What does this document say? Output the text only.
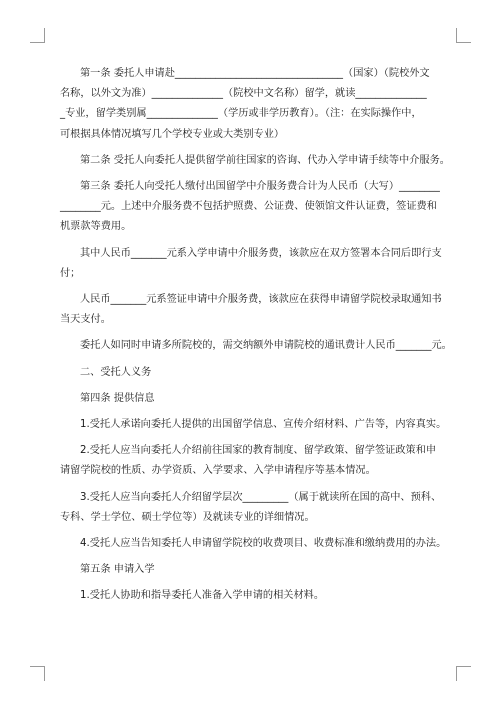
第一条 委托人申请赴_________________________________（国家）（院校外文
名称，以外文为准）______________（院校中文名称）留学，就读______________
_专业，留学类别属______________（学历或非学历教育）。（注：在实际操作中，
可根据具体情况填写几个学校专业或大类别专业）
第二条 受托人向委托人提供留学前往国家的咨询、代办入学申请手续等中介服务。
第三条 委托人向受托人缴付出国留学中介服务费合计为人民币（大写）________
________元。上述中介服务费不包括护照费、公证费、使领馆文件认证费，签证费和
机票款等费用。
其中人民币_______元系入学申请中介服务费，该款应在双方签署本合同后即行支
付；
人民币_______元系签证申请中介服务费，该款应在获得申请留学院校录取通知书
当天支付。
委托人如同时申请多所院校的，需交纳额外申请院校的通讯费计人民币_______元。
二、受托人义务
第四条 提供信息
1.受托人承诺向委托人提供的出国留学信息、宣传介绍材料、广告等，内容真实。
2.受托人应当向委托人介绍前往国家的教育制度、留学政策、留学签证政策和申
请留学院校的性质、办学资质、入学要求、入学申请程序等基本情况。
3.受托人应当向委托人介绍留学层次_________（属于就读所在国的高中、预科、
专科、学士学位、硕士学位等）及就读专业的详细情况。
4.受托人应当告知委托人申请留学院校的收费项目、收费标准和缴纳费用的办法。
第五条 申请入学
1.受托人协助和指导委托人准备入学申请的相关材料。
